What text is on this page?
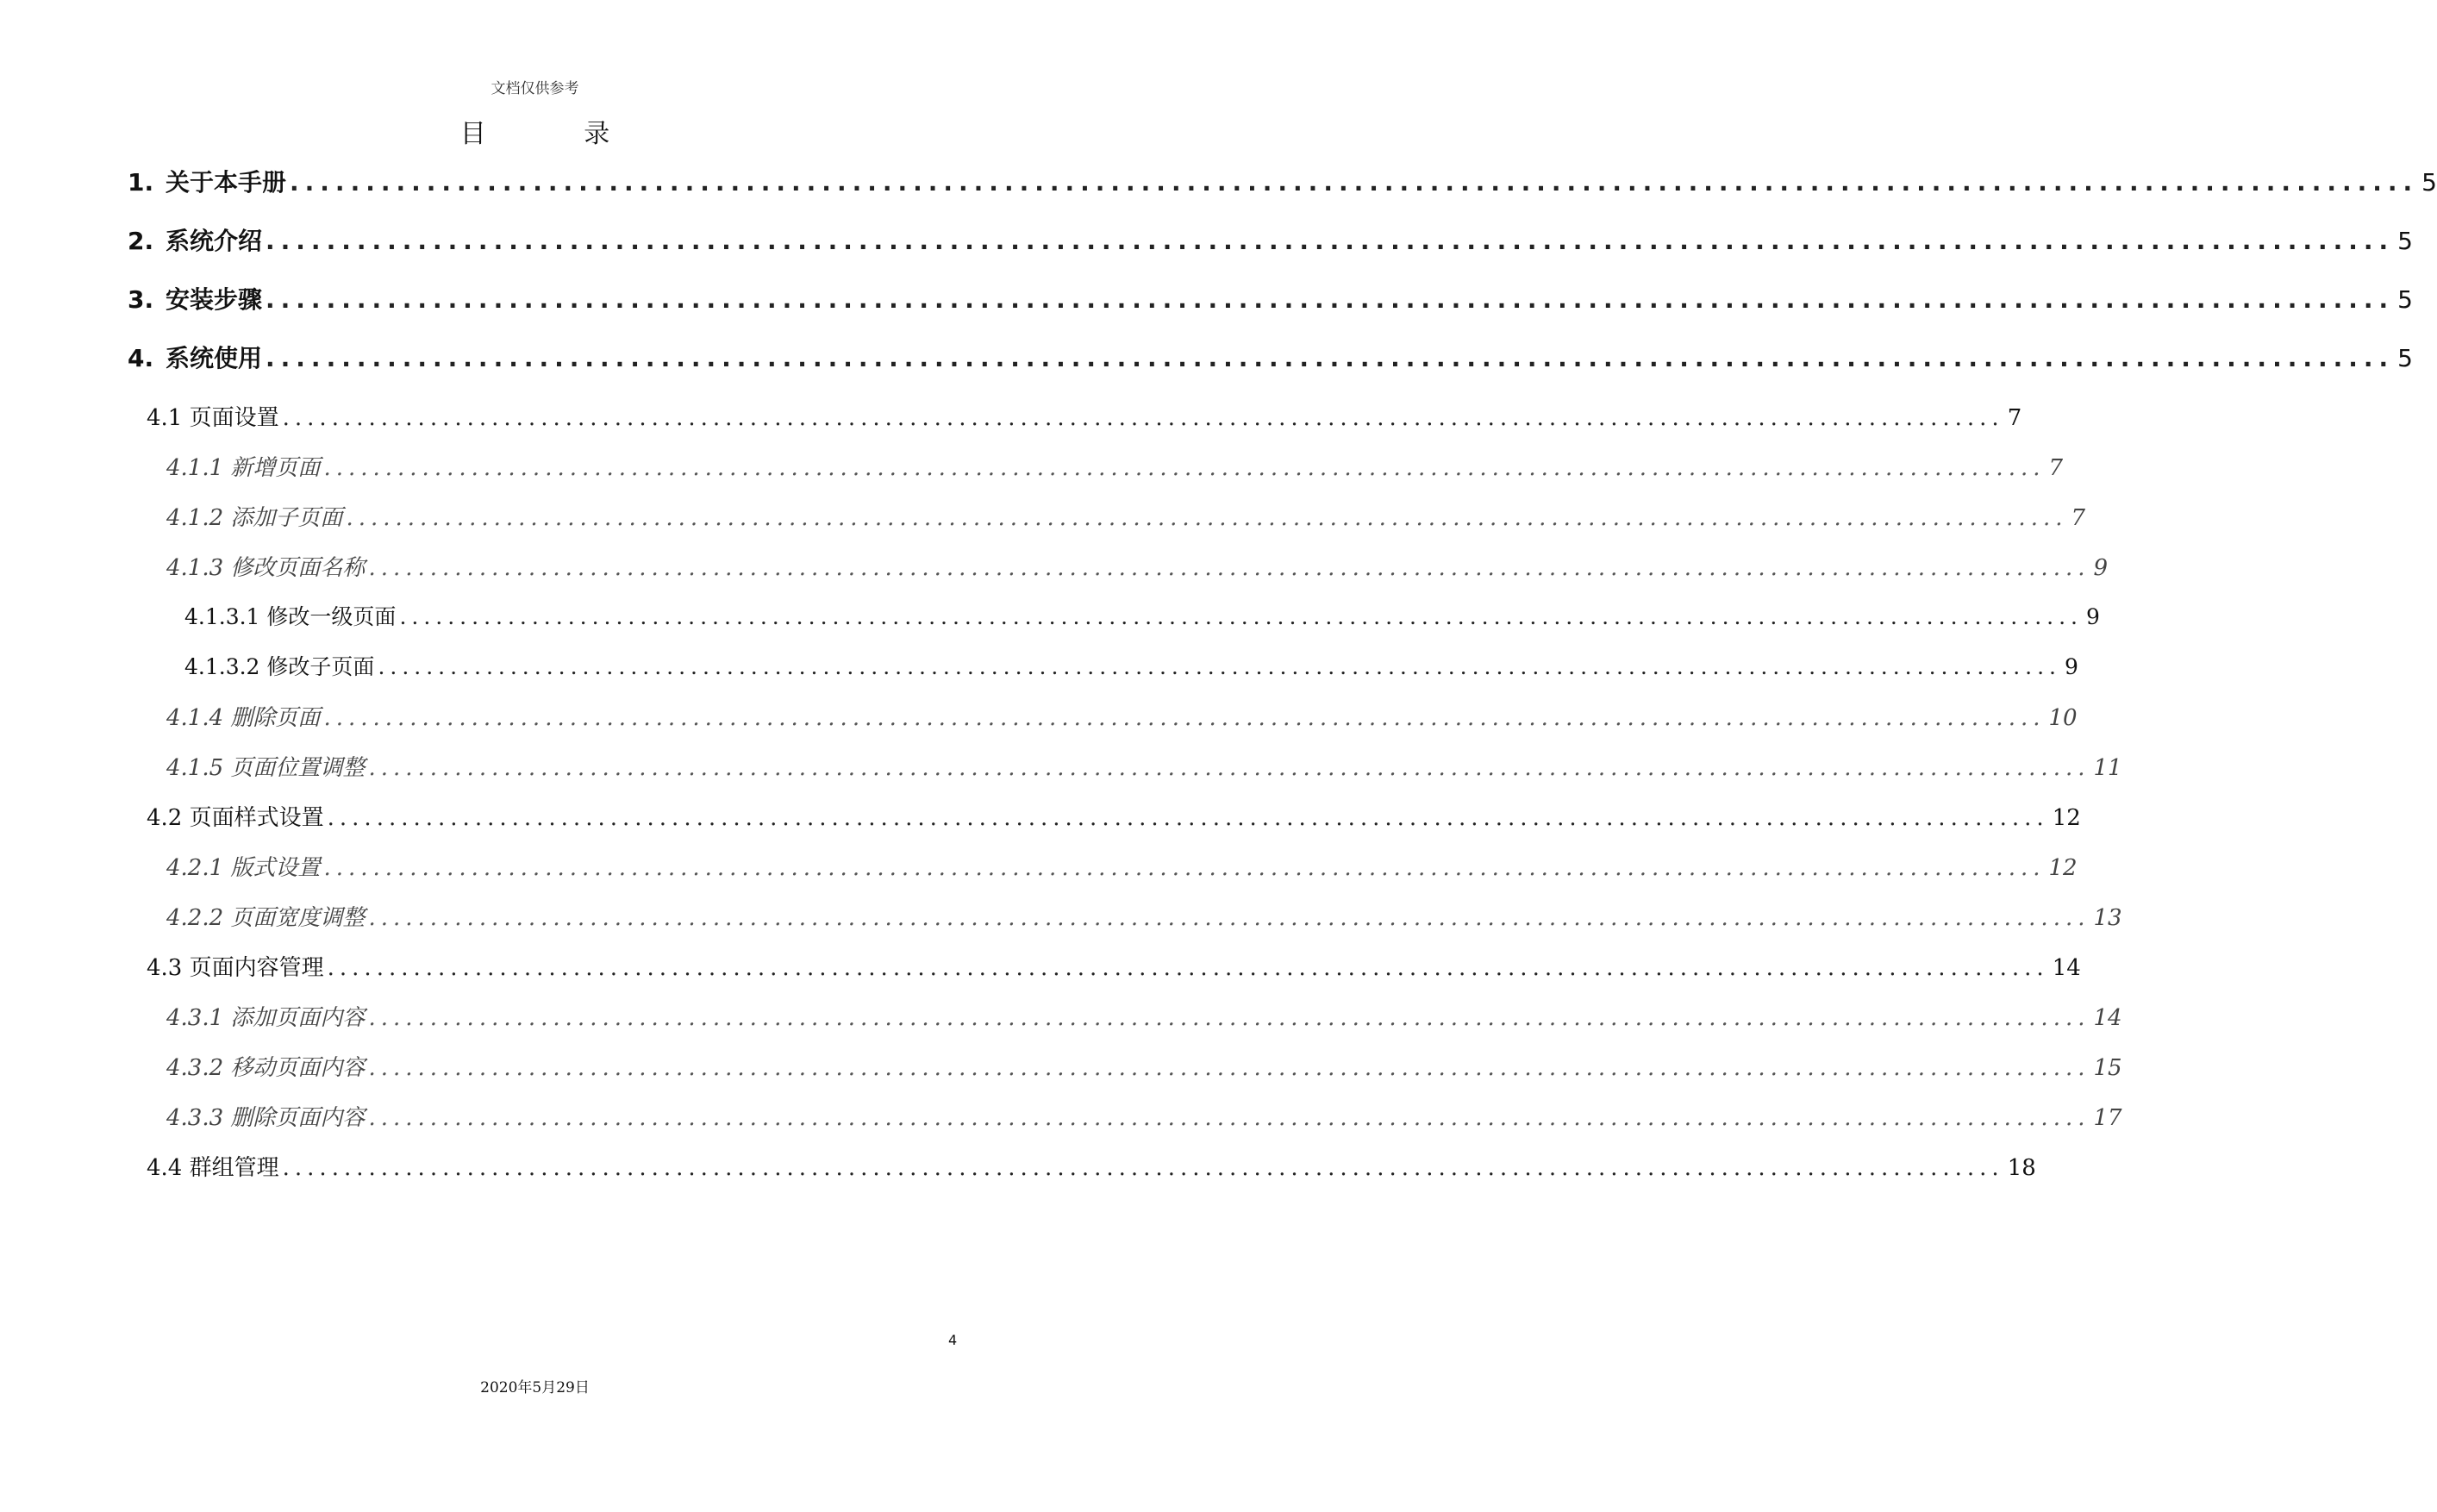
文档仅供参考
目 录
1. 关于本手册 ............................................................................................................................................ 5
2. 系统介绍 ............................................................................................................................................ 5
3. 安装步骤 ............................................................................................................................................ 5
4. 系统使用 ............................................................................................................................................ 5
4.1 页面设置 ............................................................................................................................................ 7
4.1.1 新增页面 ............................................................................................................................................ 7
4.1.2 添加子页面 ............................................................................................................................................ 7
4.1.3 修改页面名称 ............................................................................................................................................ 9
4.1.3.1 修改一级页面 ............................................................................................................................................ 9
4.1.3.2 修改子页面 ............................................................................................................................................ 9
4.1.4 删除页面 ............................................................................................................................................ 10
4.1.5 页面位置调整 ............................................................................................................................................ 11
4.2 页面样式设置 ............................................................................................................................................ 12
4.2.1 版式设置 ............................................................................................................................................ 12
4.2.2 页面宽度调整 ............................................................................................................................................ 13
4.3 页面内容管理 ............................................................................................................................................ 14
4.3.1 添加页面内容 ............................................................................................................................................ 14
4.3.2 移动页面内容 ............................................................................................................................................ 15
4.3.3 删除页面内容 ............................................................................................................................................ 17
4.4 群组管理 ............................................................................................................................................ 18
4
2020年5月29日
